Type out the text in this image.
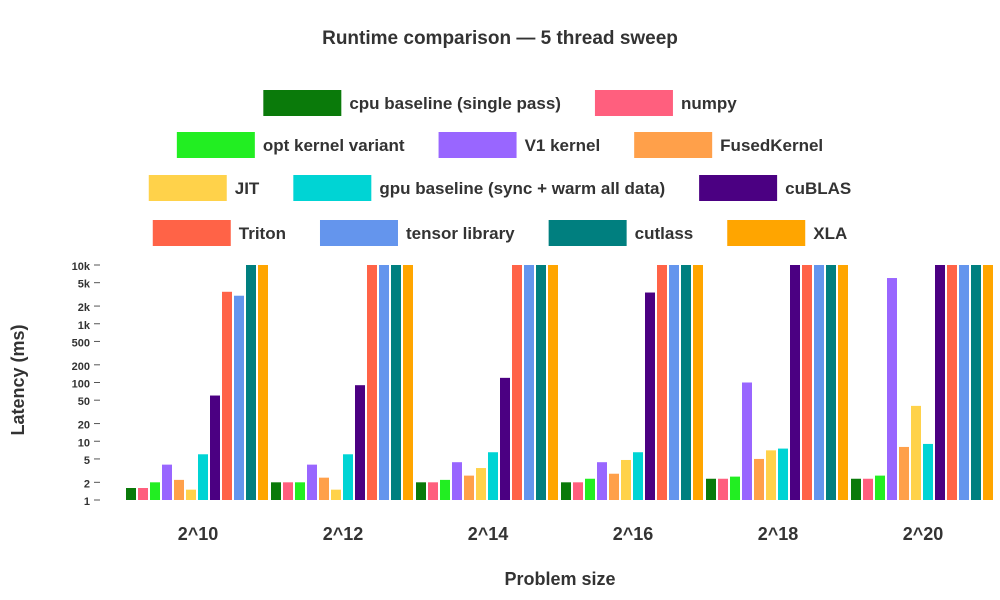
Runtime comparison — 5 thread sweep
cpu baseline (single pass)	numpy
opt kernel variant	V1 kernel	FusedKernel
JIT	gpu baseline (sync + warm all data)	cuBLAS
Triton	tensor library	cutlass	XLA
1
2
5
10
20
50
100
200
500
1k
2k
5k
10k
2^10	2^12	2^14	2^16	2^18	2^20
Problem size
Latency (ms)
